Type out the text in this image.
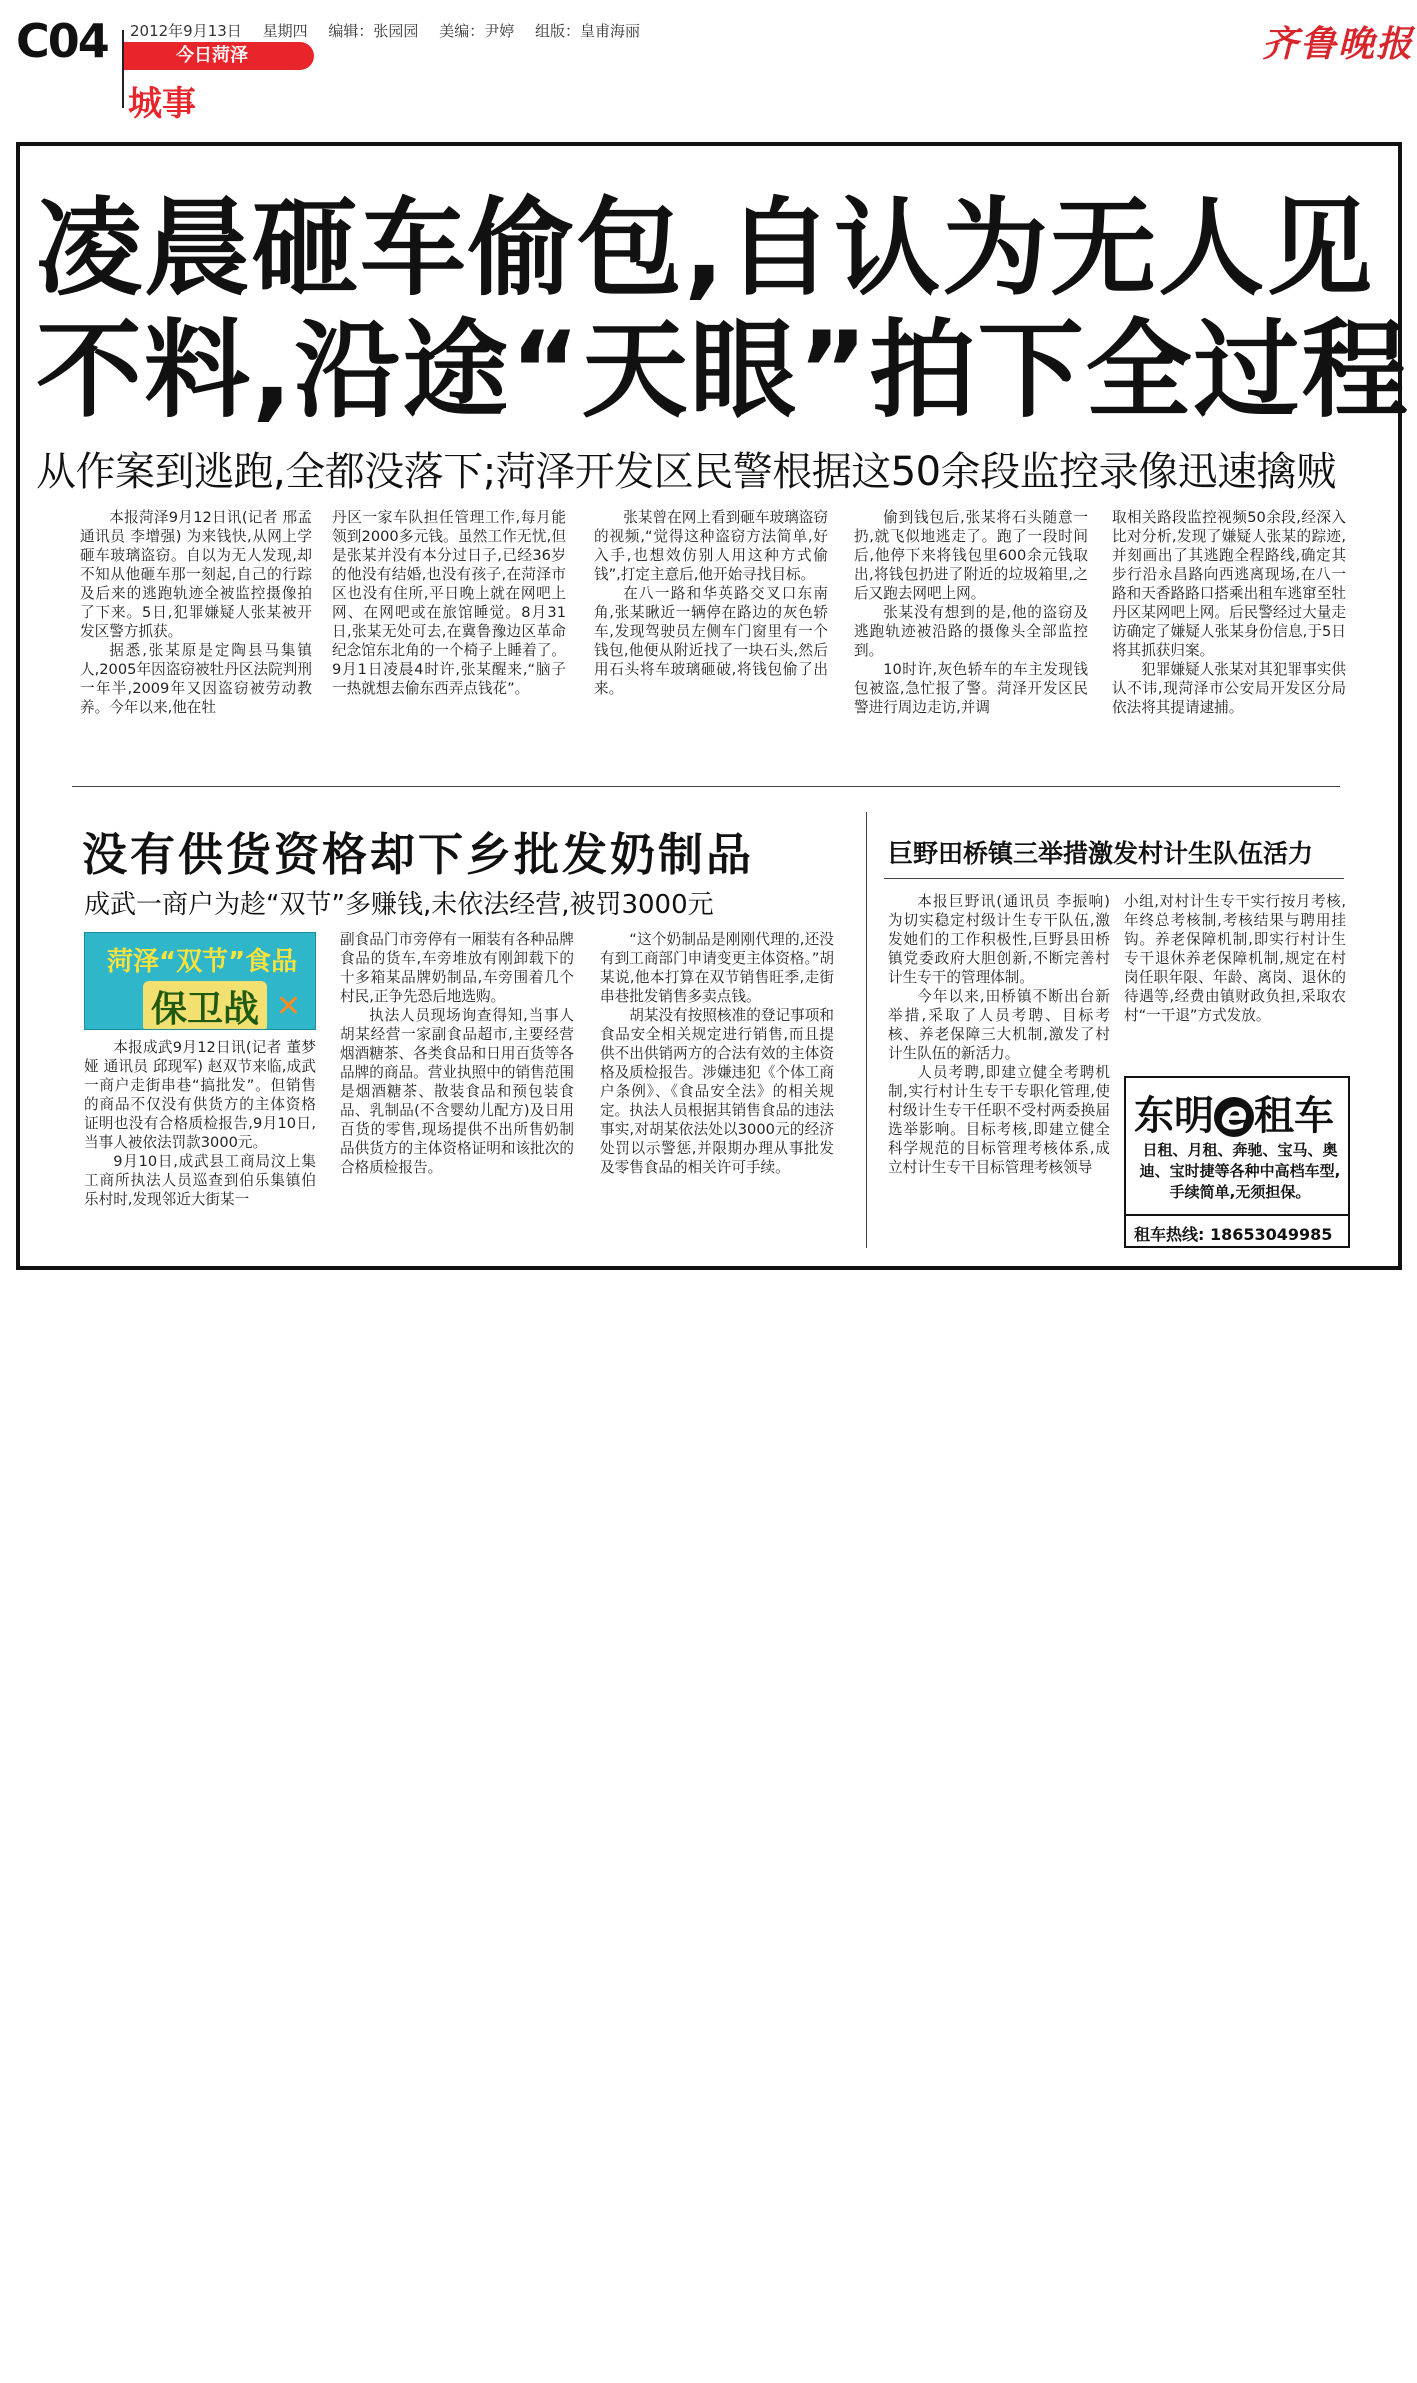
C04 2012年9月13日 星期四 编辑：张园园 美编：尹婷 组版：皇甫海丽
今日菏泽
城事
齐鲁晚报
凌晨砸车偷包,自认为无人见
不料,沿途“天眼”拍下全过程
从作案到逃跑,全都没落下;菏泽开发区民警根据这50余段监控录像迅速擒贼

本报菏泽9月12日讯(记者 邢孟 通讯员 李增强) 为来钱快,从网上学砸车玻璃盗窃。自以为无人发现,却不知从他砸车那一刻起,自己的行踪及后来的逃跑轨迹全被监控摄像拍了下来。5日,犯罪嫌疑人张某被开发区警方抓获。

据悉,张某原是定陶县马集镇人,2005年因盗窃被牡丹区法院判刑一年半,2009年又因盗窃被劳动教养。今年以来,他在牡

丹区一家车队担任管理工作,每月能领到2000多元钱。虽然工作无忧,但是张某并没有本分过日子,已经36岁的他没有结婚,也没有孩子,在菏泽市区也没有住所,平日晚上就在网吧上网、在网吧或在旅馆睡觉。8月31日,张某无处可去,在冀鲁豫边区革命纪念馆东北角的一个椅子上睡着了。9月1日凌晨4时许,张某醒来,“脑子一热就想去偷东西弄点钱花”。

张某曾在网上看到砸车玻璃盗窃的视频,“觉得这种盗窃方法简单,好入手,也想效仿别人用这种方式偷钱”,打定主意后,他开始寻找目标。

在八一路和华英路交叉口东南角,张某瞅近一辆停在路边的灰色轿车,发现驾驶员左侧车门窗里有一个钱包,他便从附近找了一块石头,然后用石头将车玻璃砸破,将钱包偷了出来。

偷到钱包后,张某将石头随意一扔,就飞似地逃走了。跑了一段时间后,他停下来将钱包里600余元钱取出,将钱包扔进了附近的垃圾箱里,之后又跑去网吧上网。

张某没有想到的是,他的盗窃及逃跑轨迹被沿路的摄像头全部监控到。

10时许,灰色轿车的车主发现钱包被盗,急忙报了警。菏泽开发区民警进行周边走访,并调

取相关路段监控视频50余段,经深入比对分析,发现了嫌疑人张某的踪迹,并刻画出了其逃跑全程路线,确定其步行沿永昌路向西逃离现场,在八一路和天香路路口搭乘出租车逃窜至牡丹区某网吧上网。后民警经过大量走访确定了嫌疑人张某身份信息,于5日将其抓获归案。

犯罪嫌疑人张某对其犯罪事实供认不讳,现菏泽市公安局开发区分局依法将其提请逮捕。

没有供货资格却下乡批发奶制品
成武一商户为趁“双节”多赚钱,未依法经营,被罚3000元
菏泽“双节”食品
保卫战 ✕

本报成武9月12日讯(记者 董梦娅 通讯员 邱现军) 赵双节来临,成武一商户走街串巷“搞批发”。但销售的商品不仅没有供货方的主体资格证明也没有合格质检报告,9月10日,当事人被依法罚款3000元。

9月10日,成武县工商局汶上集工商所执法人员巡查到伯乐集镇伯乐村时,发现邻近大街某一

副食品门市旁停有一厢装有各种品牌食品的货车,车旁堆放有刚卸载下的十多箱某品牌奶制品,车旁围着几个村民,正争先恐后地选购。

执法人员现场询查得知,当事人胡某经营一家副食品超市,主要经营烟酒糖茶、各类食品和日用百货等各品牌的商品。营业执照中的销售范围是烟酒糖茶、散装食品和预包装食品、乳制品(不含婴幼儿配方)及日用百货的零售,现场提供不出所售奶制品供货方的主体资格证明和该批次的合格质检报告。

“这个奶制品是刚刚代理的,还没有到工商部门申请变更主体资格。”胡某说,他本打算在双节销售旺季,走街串巷批发销售多卖点钱。

胡某没有按照核准的登记事项和食品安全相关规定进行销售,而且提供不出供销两方的合法有效的主体资格及质检报告。涉嫌违犯《个体工商户条例》、《食品安全法》的相关规定。执法人员根据其销售食品的违法事实,对胡某依法处以3000元的经济处罚以示警惩,并限期办理从事批发及零售食品的相关许可手续。

巨野田桥镇三举措激发村计生队伍活力

本报巨野讯(通讯员 李振响) 为切实稳定村级计生专干队伍,激发她们的工作积极性,巨野县田桥镇党委政府大胆创新,不断完善村计生专干的管理体制。

今年以来,田桥镇不断出台新举措,采取了人员考聘、目标考核、养老保障三大机制,激发了村计生队伍的新活力。

人员考聘,即建立健全考聘机制,实行村计生专干专职化管理,使村级计生专干任职不受村两委换届选举影响。目标考核,即建立健全科学规范的目标管理考核体系,成立村计生专干目标管理考核领导

小组,对村计生专干实行按月考核,年终总考核制,考核结果与聘用挂钩。养老保障机制,即实行村计生专干退休养老保障机制,规定在村岗任职年限、年龄、离岗、退休的待遇等,经费由镇财政负担,采取农村“一干退”方式发放。

东明 e 租车
日租、月租、奔驰、宝马、奥迪、宝时捷等各种中高档车型,手续简单,无须担保。
租车热线: 18653049985
